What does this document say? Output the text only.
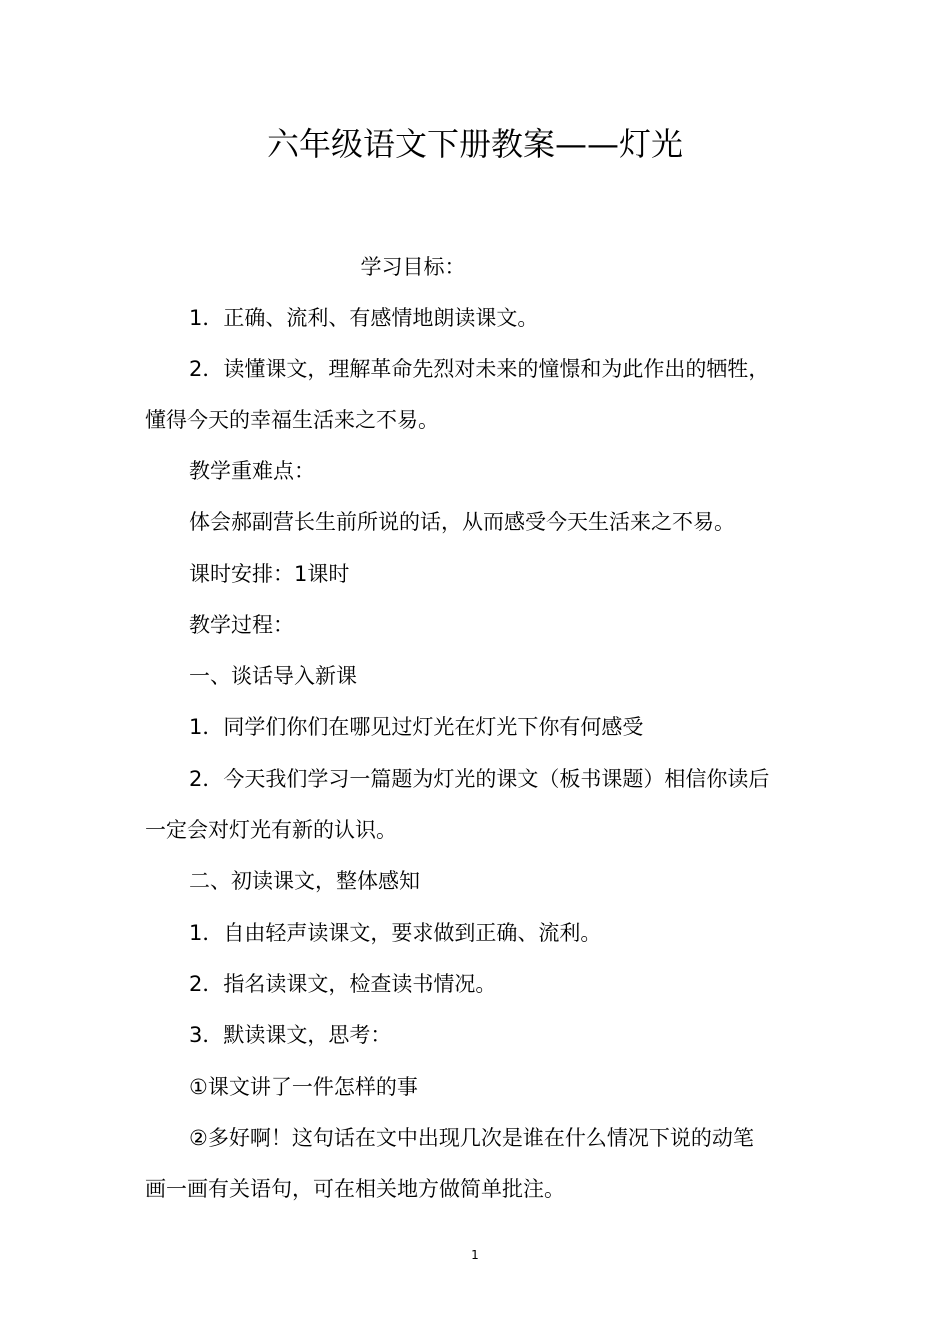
六年级语文下册教案——灯光
学习目标：
1．正确、流利、有感情地朗读课文。
2．读懂课文，理解革命先烈对未来的憧憬和为此作出的牺牲，
懂得今天的幸福生活来之不易。
教学重难点：
体会郝副营长生前所说的话，从而感受今天生活来之不易。
课时安排：1课时
教学过程：
一、谈话导入新课
1．同学们你们在哪见过灯光在灯光下你有何感受
2．今天我们学习一篇题为灯光的课文（板书课题）相信你读后
一定会对灯光有新的认识。
二、初读课文，整体感知
1．自由轻声读课文，要求做到正确、流利。
2．指名读课文，检查读书情况。
3．默读课文，思考：
①课文讲了一件怎样的事
②多好啊！这句话在文中出现几次是谁在什么情况下说的动笔
画一画有关语句，可在相关地方做简单批注。
1
